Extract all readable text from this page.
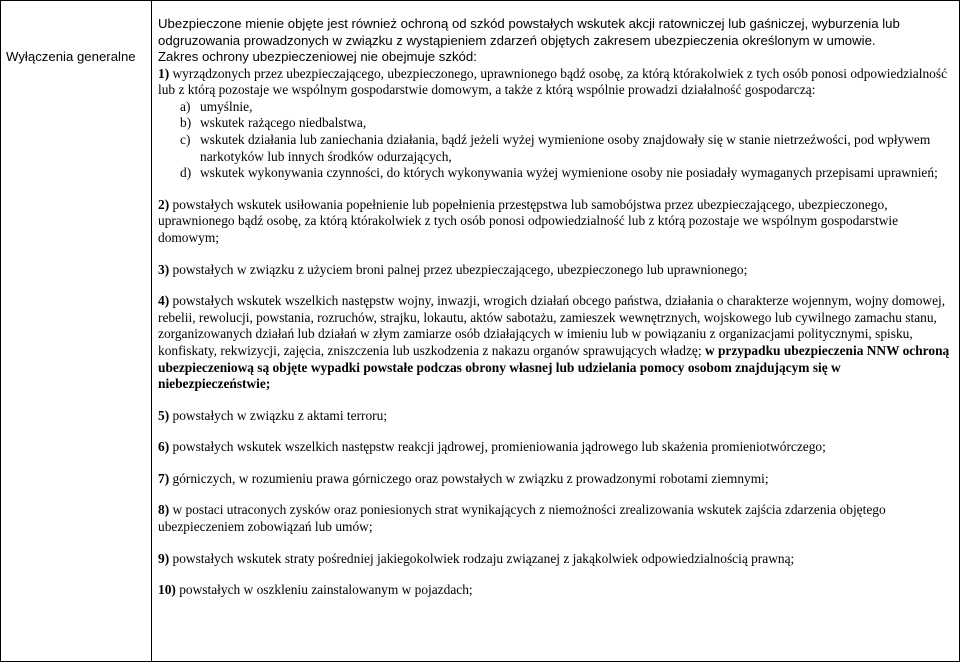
Ubezpieczone mienie objęte jest również ochroną od szkód powstałych wskutek akcji ratowniczej lub gaśniczej, wyburzenia lub odgruzowania prowadzonych w związku z wystąpieniem zdarzeń objętych zakresem ubezpieczenia określonym w umowie.

Wyłączenia generalne	Zakres ochrony ubezpieczeniowej nie obejmuje szkód:

1) wyrządzonych przez ubezpieczającego, ubezpieczonego, uprawnionego bądź osobę, za którą którakolwiek z tych osób ponosi odpowiedzialność lub z którą pozostaje we wspólnym gospodarstwie domowym, a także z którą wspólnie prowadzi działalność gospodarczą:

a) umyślnie,

b) wskutek rażącego niedbalstwa,

c) wskutek działania lub zaniechania działania, bądź jeżeli wyżej wymienione osoby znajdowały się w stanie nietrzeźwości, pod wpływem narkotyków lub innych środków odurzających,

d) wskutek wykonywania czynności, do których wykonywania wyżej wymienione osoby nie posiadały wymaganych przepisami uprawnień;

2) powstałych wskutek usiłowania popełnienie lub popełnienia przestępstwa lub samobójstwa przez ubezpieczającego, ubezpieczonego, uprawnionego bądź osobę, za którą którakolwiek z tych osób ponosi odpowiedzialność lub z którą pozostaje we wspólnym gospodarstwie domowym;

3) powstałych w związku z użyciem broni palnej przez ubezpieczającego, ubezpieczonego lub uprawnionego;

4) powstałych wskutek wszelkich następstw wojny, inwazji, wrogich działań obcego państwa, działania o charakterze wojennym, wojny domowej, rebelii, rewolucji, powstania, rozruchów, strajku, lokautu, aktów sabotażu, zamieszek wewnętrznych, wojskowego lub cywilnego zamachu stanu, zorganizowanych działań lub działań w złym zamiarze osób działających w imieniu lub w powiązaniu z organizacjami politycznymi, spisku, konfiskaty, rekwizycji, zajęcia, zniszczenia lub uszkodzenia z nakazu organów sprawujących władzę; w przypadku ubezpieczenia NNW ochroną ubezpieczeniową są objęte wypadki powstałe podczas obrony własnej lub udzielania pomocy osobom znajdującym się w niebezpieczeństwie;

5) powstałych w związku z aktami terroru;

6) powstałych wskutek wszelkich następstw reakcji jądrowej, promieniowania jądrowego lub skażenia promieniotwórczego;

7) górniczych, w rozumieniu prawa górniczego oraz powstałych w związku z prowadzonymi robotami ziemnymi;

8) w postaci utraconych zysków oraz poniesionych strat wynikających z niemożności zrealizowania wskutek zajścia zdarzenia objętego ubezpieczeniem zobowiązań lub umów;

9) powstałych wskutek straty pośredniej jakiegokolwiek rodzaju związanej z jakąkolwiek odpowiedzialnością prawną;

10) powstałych w oszkleniu zainstalowanym w pojazdach;
